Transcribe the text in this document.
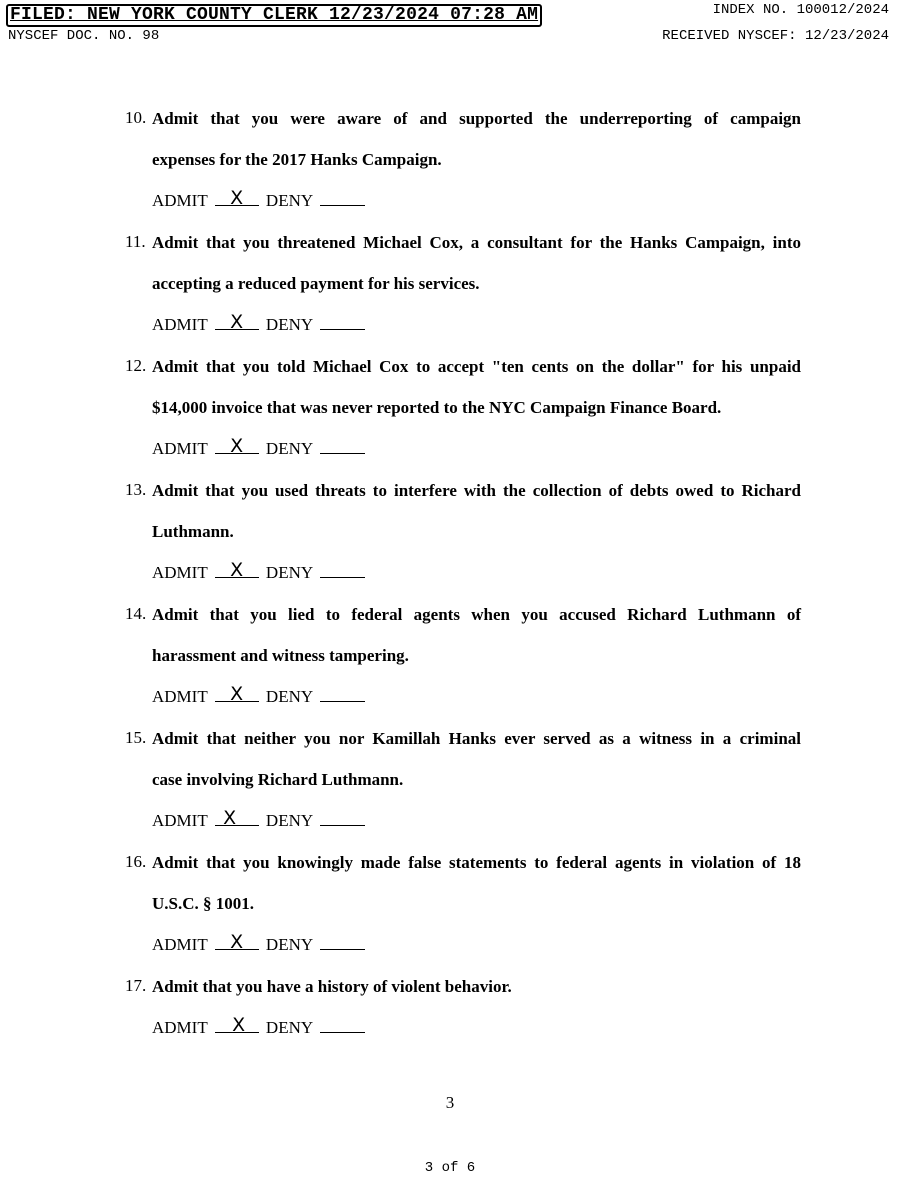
FILED: NEW YORK COUNTY CLERK 12/23/2024 07:28 AM	INDEX NO. 100012/2024
NYSCEF DOC. NO. 98	RECEIVED NYSCEF: 12/23/2024
10. Admit that you were aware of and supported the underreporting of campaign
expenses for the 2017 Hanks Campaign.
ADMIT	X	DENY
11. Admit that you threatened Michael Cox, a consultant for the Hanks Campaign, into
accepting a reduced payment for his services.
ADMIT	X	DENY
12. Admit that you told Michael Cox to accept "ten cents on the dollar" for his unpaid
$14,000 invoice that was never reported to the NYC Campaign Finance Board.
ADMIT	X	DENY
13. Admit that you used threats to interfere with the collection of debts owed to Richard
Luthmann.
ADMIT	X	DENY
14. Admit that you lied to federal agents when you accused Richard Luthmann of
harassment and witness tampering.
ADMIT	X	DENY
15. Admit that neither you nor Kamillah Hanks ever served as a witness in a criminal
case involving Richard Luthmann.
ADMIT X	DENY
16. Admit that you knowingly made false statements to federal agents in violation of 18
U.S.C. § 1001.
ADMIT	X	DENY
17. Admit that you have a history of violent behavior.
ADMIT	X	DENY
3
3 of 6
